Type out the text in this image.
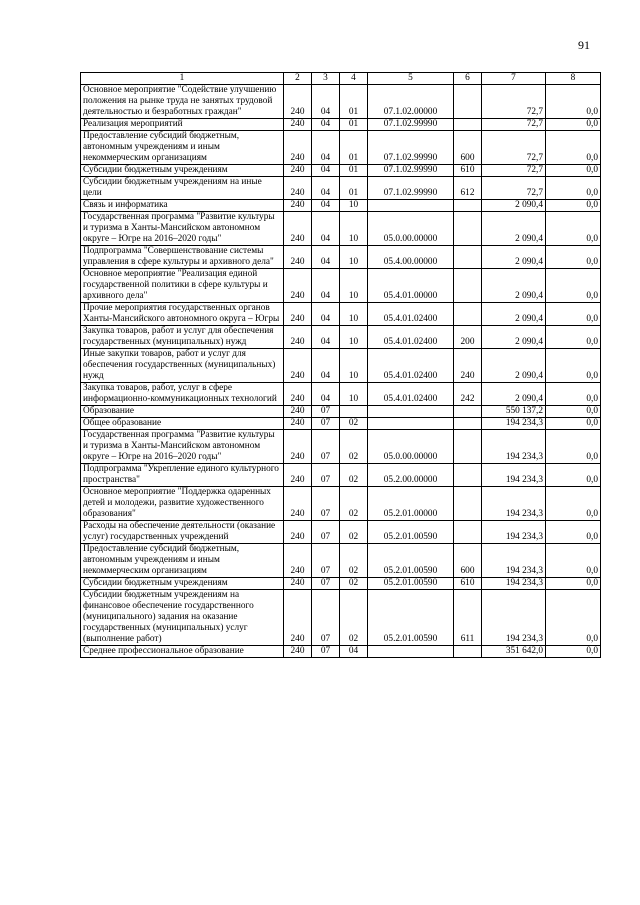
91
1	2	3	4	5	6	7	8
Основное мероприятие "Содействие улучшению положения на рынке труда не занятых трудовой деятельностью и безработных граждан"	240	04	01	07.1.02.00000		72,7	0,0
Реализация мероприятий	240	04	01	07.1.02.99990		72,7	0,0
Предоставление субсидий бюджетным, автономным учреждениям и иным некоммерческим организациям	240	04	01	07.1.02.99990	600	72,7	0,0
Субсидии бюджетным учреждениям	240	04	01	07.1.02.99990	610	72,7	0,0
Субсидии бюджетным учреждениям на иные цели	240	04	01	07.1.02.99990	612	72,7	0,0
Связь и информатика	240	04	10			2 090,4	0,0
Государственная программа "Развитие культуры и туризма в Ханты-Мансийском автономном округе – Югре на 2016–2020 годы"	240	04	10	05.0.00.00000		2 090,4	0,0
Подпрограмма "Совершенствование системы управления в сфере культуры и архивного дела"	240	04	10	05.4.00.00000		2 090,4	0,0
Основное мероприятие "Реализация единой государственной политики в сфере культуры и архивного дела"	240	04	10	05.4.01.00000		2 090,4	0,0
Прочие мероприятия государственных органов Ханты-Мансийского автономного округа – Югры	240	04	10	05.4.01.02400		2 090,4	0,0
Закупка товаров, работ и услуг для обеспечения государственных (муниципальных) нужд	240	04	10	05.4.01.02400	200	2 090,4	0,0
Иные закупки товаров, работ и услуг для обеспечения государственных (муниципальных) нужд	240	04	10	05.4.01.02400	240	2 090,4	0,0
Закупка товаров, работ, услуг в сфере информационно-коммуникационных технологий	240	04	10	05.4.01.02400	242	2 090,4	0,0
Образование	240	07				550 137,2	0,0
Общее образование	240	07	02			194 234,3	0,0
Государственная программа "Развитие культуры и туризма в Ханты-Мансийском автономном округе – Югре на 2016–2020 годы"	240	07	02	05.0.00.00000		194 234,3	0,0
Подпрограмма "Укрепление единого культурного пространства"	240	07	02	05.2.00.00000		194 234,3	0,0
Основное мероприятие "Поддержка одаренных детей и молодежи, развитие художественного образования"	240	07	02	05.2.01.00000		194 234,3	0,0
Расходы на обеспечение деятельности (оказание услуг) государственных учреждений	240	07	02	05.2.01.00590		194 234,3	0,0
Предоставление субсидий бюджетным, автономным учреждениям и иным некоммерческим организациям	240	07	02	05.2.01.00590	600	194 234,3	0,0
Субсидии бюджетным учреждениям	240	07	02	05.2.01.00590	610	194 234,3	0,0
Субсидии бюджетным учреждениям на финансовое обеспечение государственного (муниципального) задания на оказание государственных (муниципальных) услуг (выполнение работ)	240	07	02	05.2.01.00590	611	194 234,3	0,0
Среднее профессиональное образование	240	07	04			351 642,0	0,0
